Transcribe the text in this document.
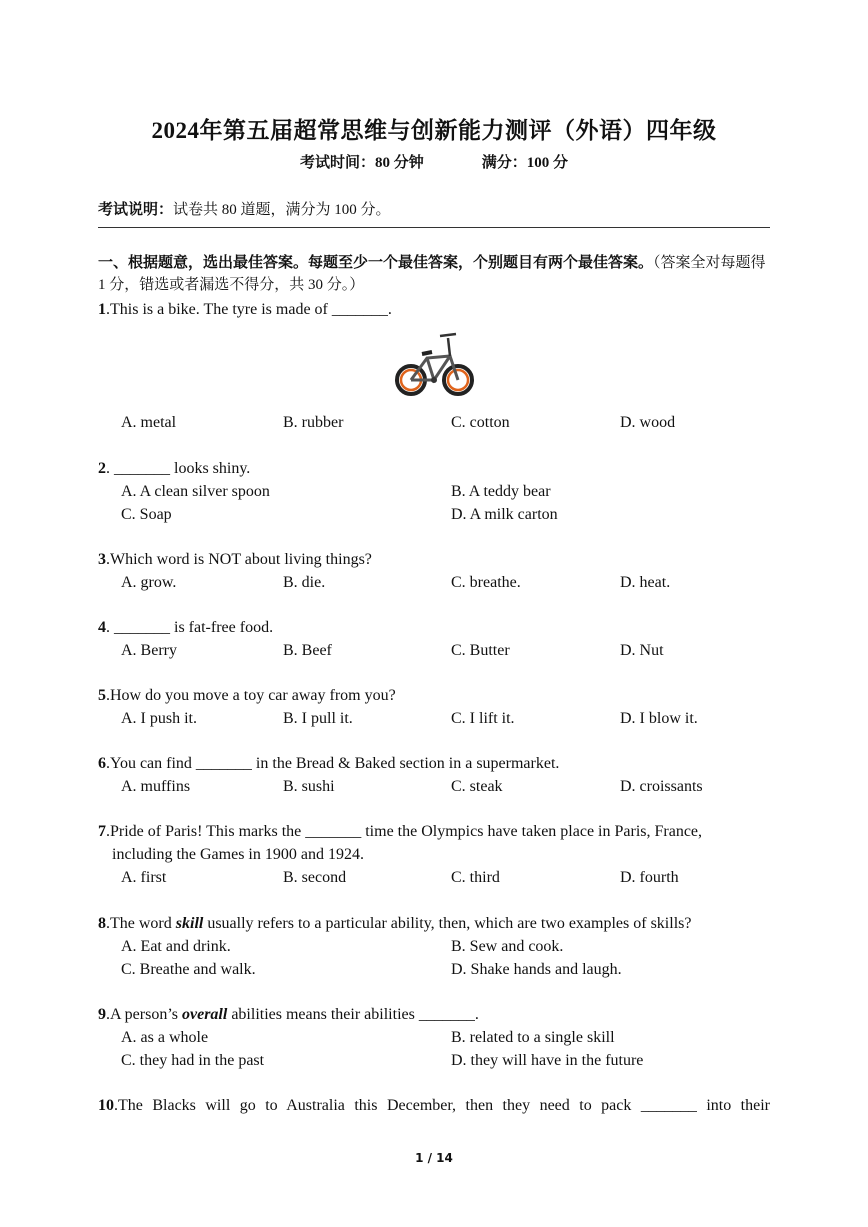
2024年第五届超常思维与创新能力测评（外语）四年级
考试时间：80 分钟	满分：100 分
考试说明：试卷共 80 道题，满分为 100 分。
一、根据题意，选出最佳答案。每题至少一个最佳答案，个别题目有两个最佳答案。（答案全对每题得 1 分，错选或者漏选不得分，共 30 分。）
1.This is a bike. The tyre is made of _______.
A. metal	B. rubber	C. cotton	D. wood
2. _______ looks shiny.
A. A clean silver spoon	B. A teddy bear
C. Soap	D. A milk carton
3.Which word is NOT about living things?
A. grow.	B. die.	C. breathe.	D. heat.
4. _______ is fat-free food.
A. Berry	B. Beef	C. Butter	D. Nut
5.How do you move a toy car away from you?
A. I push it.	B. I pull it.	C. I lift it.	D. I blow it.
6.You can find _______ in the Bread & Baked section in a supermarket.
A. muffins	B. sushi	C. steak	D. croissants
7.Pride of Paris! This marks the _______ time the Olympics have taken place in Paris, France,
including the Games in 1900 and 1924.
A. first	B. second	C. third	D. fourth
8.The word skill usually refers to a particular ability, then, which are two examples of skills?
A. Eat and drink.	B. Sew and cook.
C. Breathe and walk.	D. Shake hands and laugh.
9.A person’s overall abilities means their abilities _______.
A. as a whole	B. related to a single skill
C. they had in the past	D. they will have in the future
10.The Blacks will go to Australia this December, then they need to pack _______ into their
1 / 14
